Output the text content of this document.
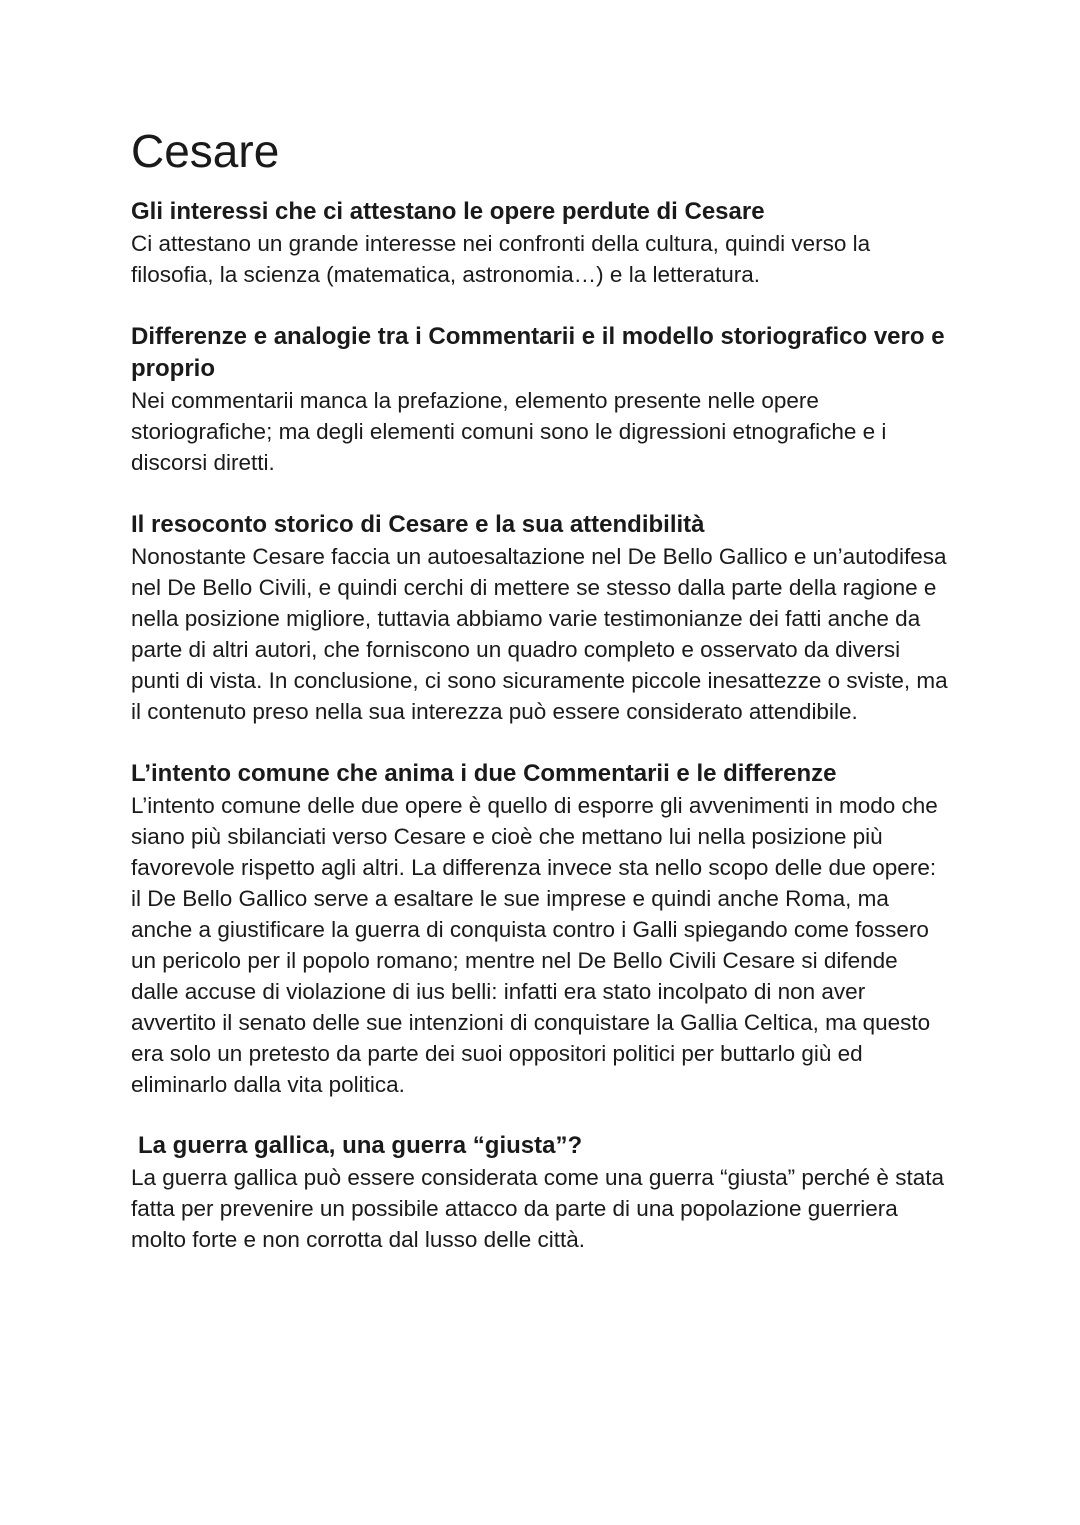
Cesare
Gli interessi che ci attestano le opere perdute di Cesare

Ci attestano un grande interesse nei confronti della cultura, quindi verso la filosofia, la scienza (matematica, astronomia…) e la letteratura.

Differenze e analogie tra i Commentarii e il modello storiografico vero e proprio

Nei commentarii manca la prefazione, elemento presente nelle opere storiografiche; ma degli elementi comuni sono le digressioni etnografiche e i discorsi diretti.

Il resoconto storico di Cesare e la sua attendibilità

Nonostante Cesare faccia un autoesaltazione nel De Bello Gallico e un’autodifesa nel De Bello Civili, e quindi cerchi di mettere se stesso dalla parte della ragione e nella posizione migliore, tuttavia abbiamo varie testimonianze dei fatti anche da parte di altri autori, che forniscono un quadro completo e osservato da diversi punti di vista. In conclusione, ci sono sicuramente piccole inesattezze o sviste, ma il contenuto preso nella sua interezza può essere considerato attendibile.

L’intento comune che anima i due Commentarii e le differenze

L’intento comune delle due opere è quello di esporre gli avvenimenti in modo che siano più sbilanciati verso Cesare e cioè che mettano lui nella posizione più favorevole rispetto agli altri. La differenza invece sta nello scopo delle due opere: il De Bello Gallico serve a esaltare le sue imprese e quindi anche Roma, ma anche a giustificare la guerra di conquista contro i Galli spiegando come fossero un pericolo per il popolo romano; mentre nel De Bello Civili Cesare si difende dalle accuse di violazione di ius belli: infatti era stato incolpato di non aver avvertito il senato delle sue intenzioni di conquistare la Gallia Celtica, ma questo era solo un pretesto da parte dei suoi oppositori politici per buttarlo giù ed eliminarlo dalla vita politica.

La guerra gallica, una guerra “giusta”?

La guerra gallica può essere considerata come una guerra “giusta” perché è stata fatta per prevenire un possibile attacco da parte di una popolazione guerriera molto forte e non corrotta dal lusso delle città.
